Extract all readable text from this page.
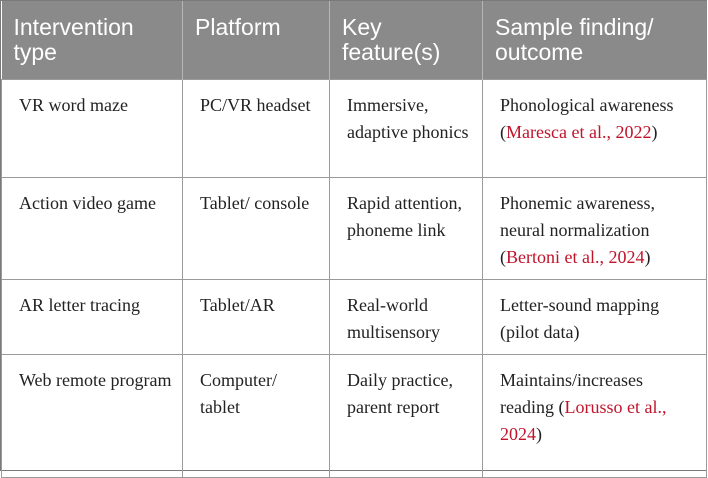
Intervention type	Platform	Key feature(s)	Sample finding/ outcome
VR word maze	PC/VR headset	Immersive, adaptive phonics	Phonological awareness (Maresca et al., 2022)
Action video game	Tablet/ console	Rapid attention, phoneme link	Phonemic awareness, neural normalization (Bertoni et al., 2024)
AR letter tracing	Tablet/AR	Real-world multisensory	Letter-sound mapping (pilot data)
Web remote program	Computer/ tablet	Daily practice, parent report	Maintains/increases reading (Lorusso et al., 2024)
